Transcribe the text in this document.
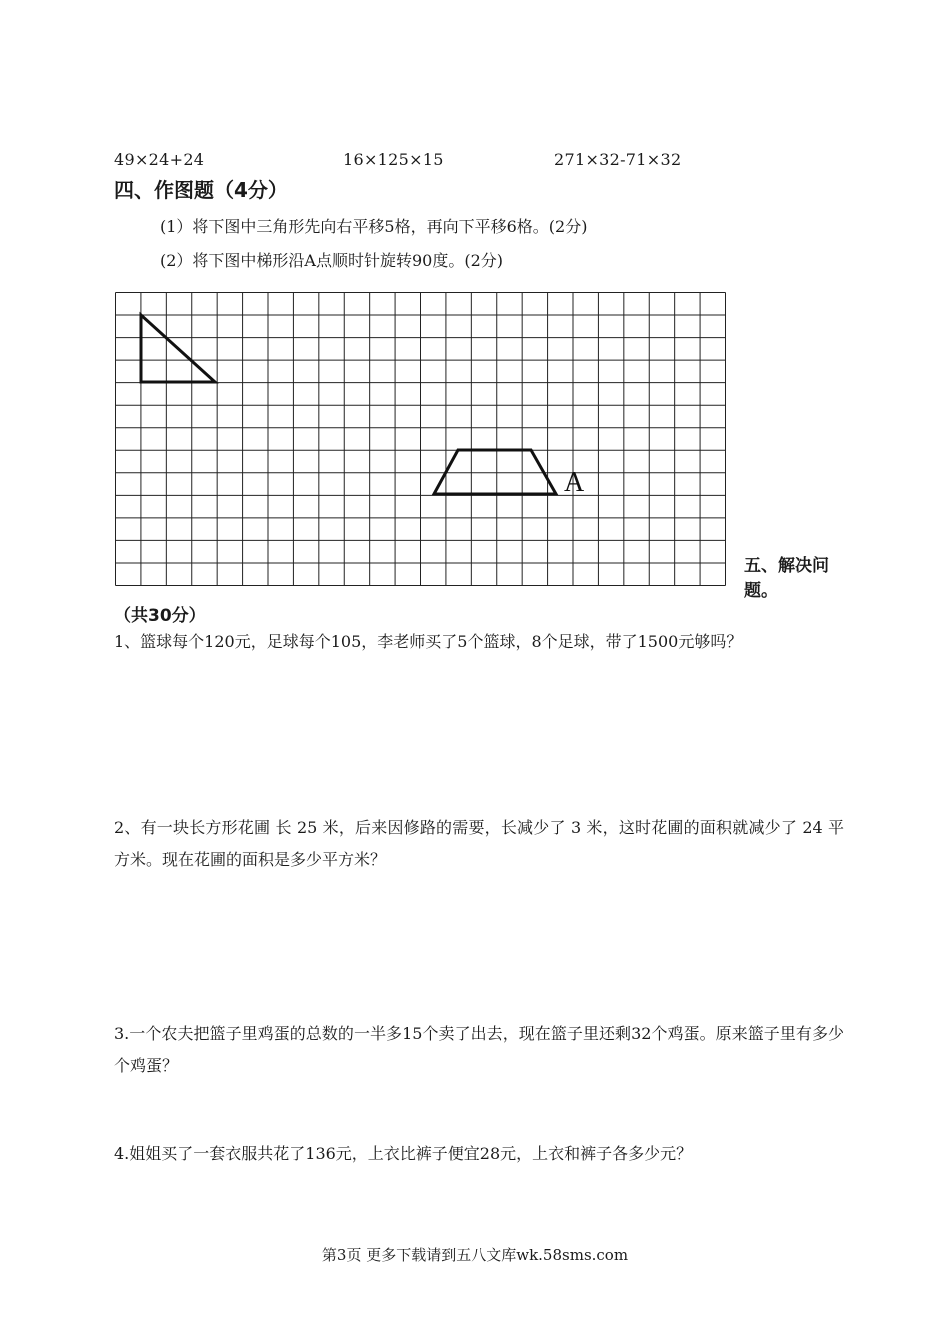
49×24+24	16×125×15	271×32-71×32
四、作图题（4分）
(1）将下图中三角形先向右平移5格，再向下平移6格。(2分)
(2）将下图中梯形沿A点顺时针旋转90度。(2分)
A
五、解决问题。
（共30分）
1、篮球每个120元，足球每个105，李老师买了5个篮球，8个足球，带了1500元够吗？
2、有一块长方形花圃 长 25 米，后来因修路的需要，长减少了 3 米，这时花圃的面积就减少了 24 平方米。现在花圃的面积是多少平方米？
3.一个农夫把篮子里鸡蛋的总数的一半多15个卖了出去，现在篮子里还剩32个鸡蛋。原来篮子里有多少个鸡蛋？
4.姐姐买了一套衣服共花了136元，上衣比裤子便宜28元，上衣和裤子各多少元？
第3页 更多下载请到五八文库wk.58sms.com
